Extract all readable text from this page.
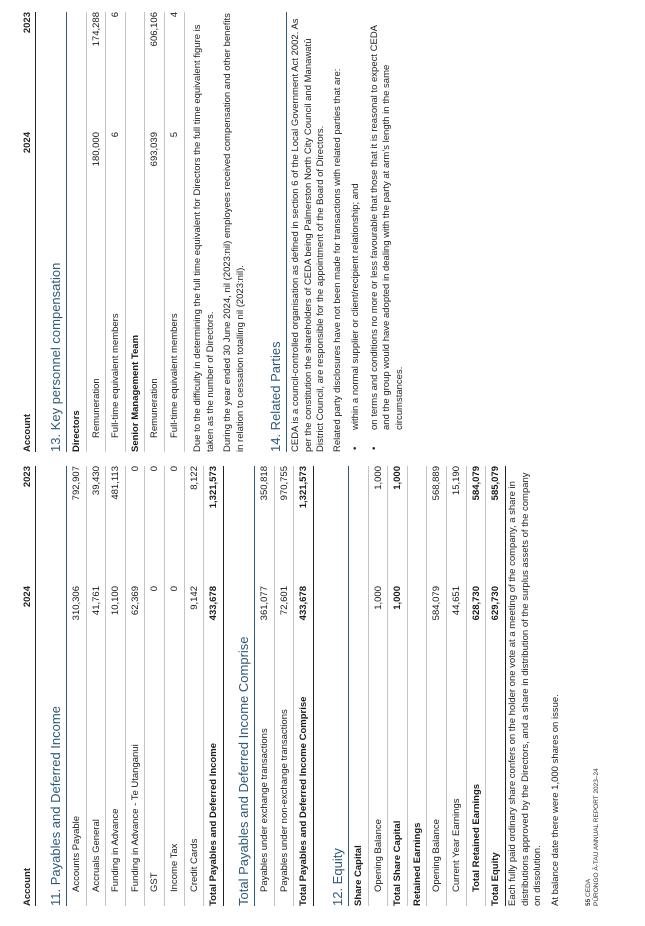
Account
2024
2023
11. Payables and Deferred Income Accounts Payable
310,306
792,907
Accruals General
41,761
39,430
Funding in Advance
10,100
481,113
Funding in Advance - Te Utanganui
62,369
0
GST
0
0
Income Tax
0
0
Credit Cards
9,142
8,122
Total Payables and Deferred Income
433,678
1,321,573
Total Payables and Deferred Income Comprise Payables under exchange transactions
361,077
350,818
Payables under non-exchange transactions
72,601
970,755
Total Payables and Deferred Income Comprise
433,678
1,321,573
12. Equity Share Capital Opening Balance
1,000
1,000
Total Share Capital
1,000
1,000
Retained Earnings Opening Balance
584,079
568,889
Current Year Earnings
44,651
15,190
Total Retained Earnings
628,730
584,079
Total Equity
629,730
585,079 Each fully paid ordinary share confers on the holder one vote at a meeting of the company, a share in distributions approved by the Directors, and a share in distribution of the surplus assets of the company on dissolution. At balance date there were 1,000 shares on issue.	55 CEDA PŪRONGO Ā-TAU ANNUAL REPORT 2023–24
Account
2024
2023
13. Key personnel compensation Directors Remuneration
180,000
174,288
Full-time equivalent members
6
6
Senior Management Team Remuneration
693,039
606,106
Full-time equivalent members
5
4
Due to the difficulty in determining the full time equivalent for Directors the full time equivalent figure is taken as the number of Directors. During the year ended 30 June 2024, nil (2023:nil) employees received compensation and other benefits in relation to cessation totalling nil (2023:nil). 14. Related Parties CEDA is a council-controlled organisation as defined in section 6 of the Local Government Act 2002. As per the constitution the shareholders of CEDA being Palmerston North City Council and Manawatū District Council, are responsible for the appointment of the Board of Directors. Related party disclosures have not been made for transactions with related parties that are: •
within a normal supplier or client/recipient relationship; and
•
on terms and conditions no more or less favourable that those that it is reasonal to expect CEDA and the group would have adopted in dealing with the party at arm’s length in the same circumstances.
